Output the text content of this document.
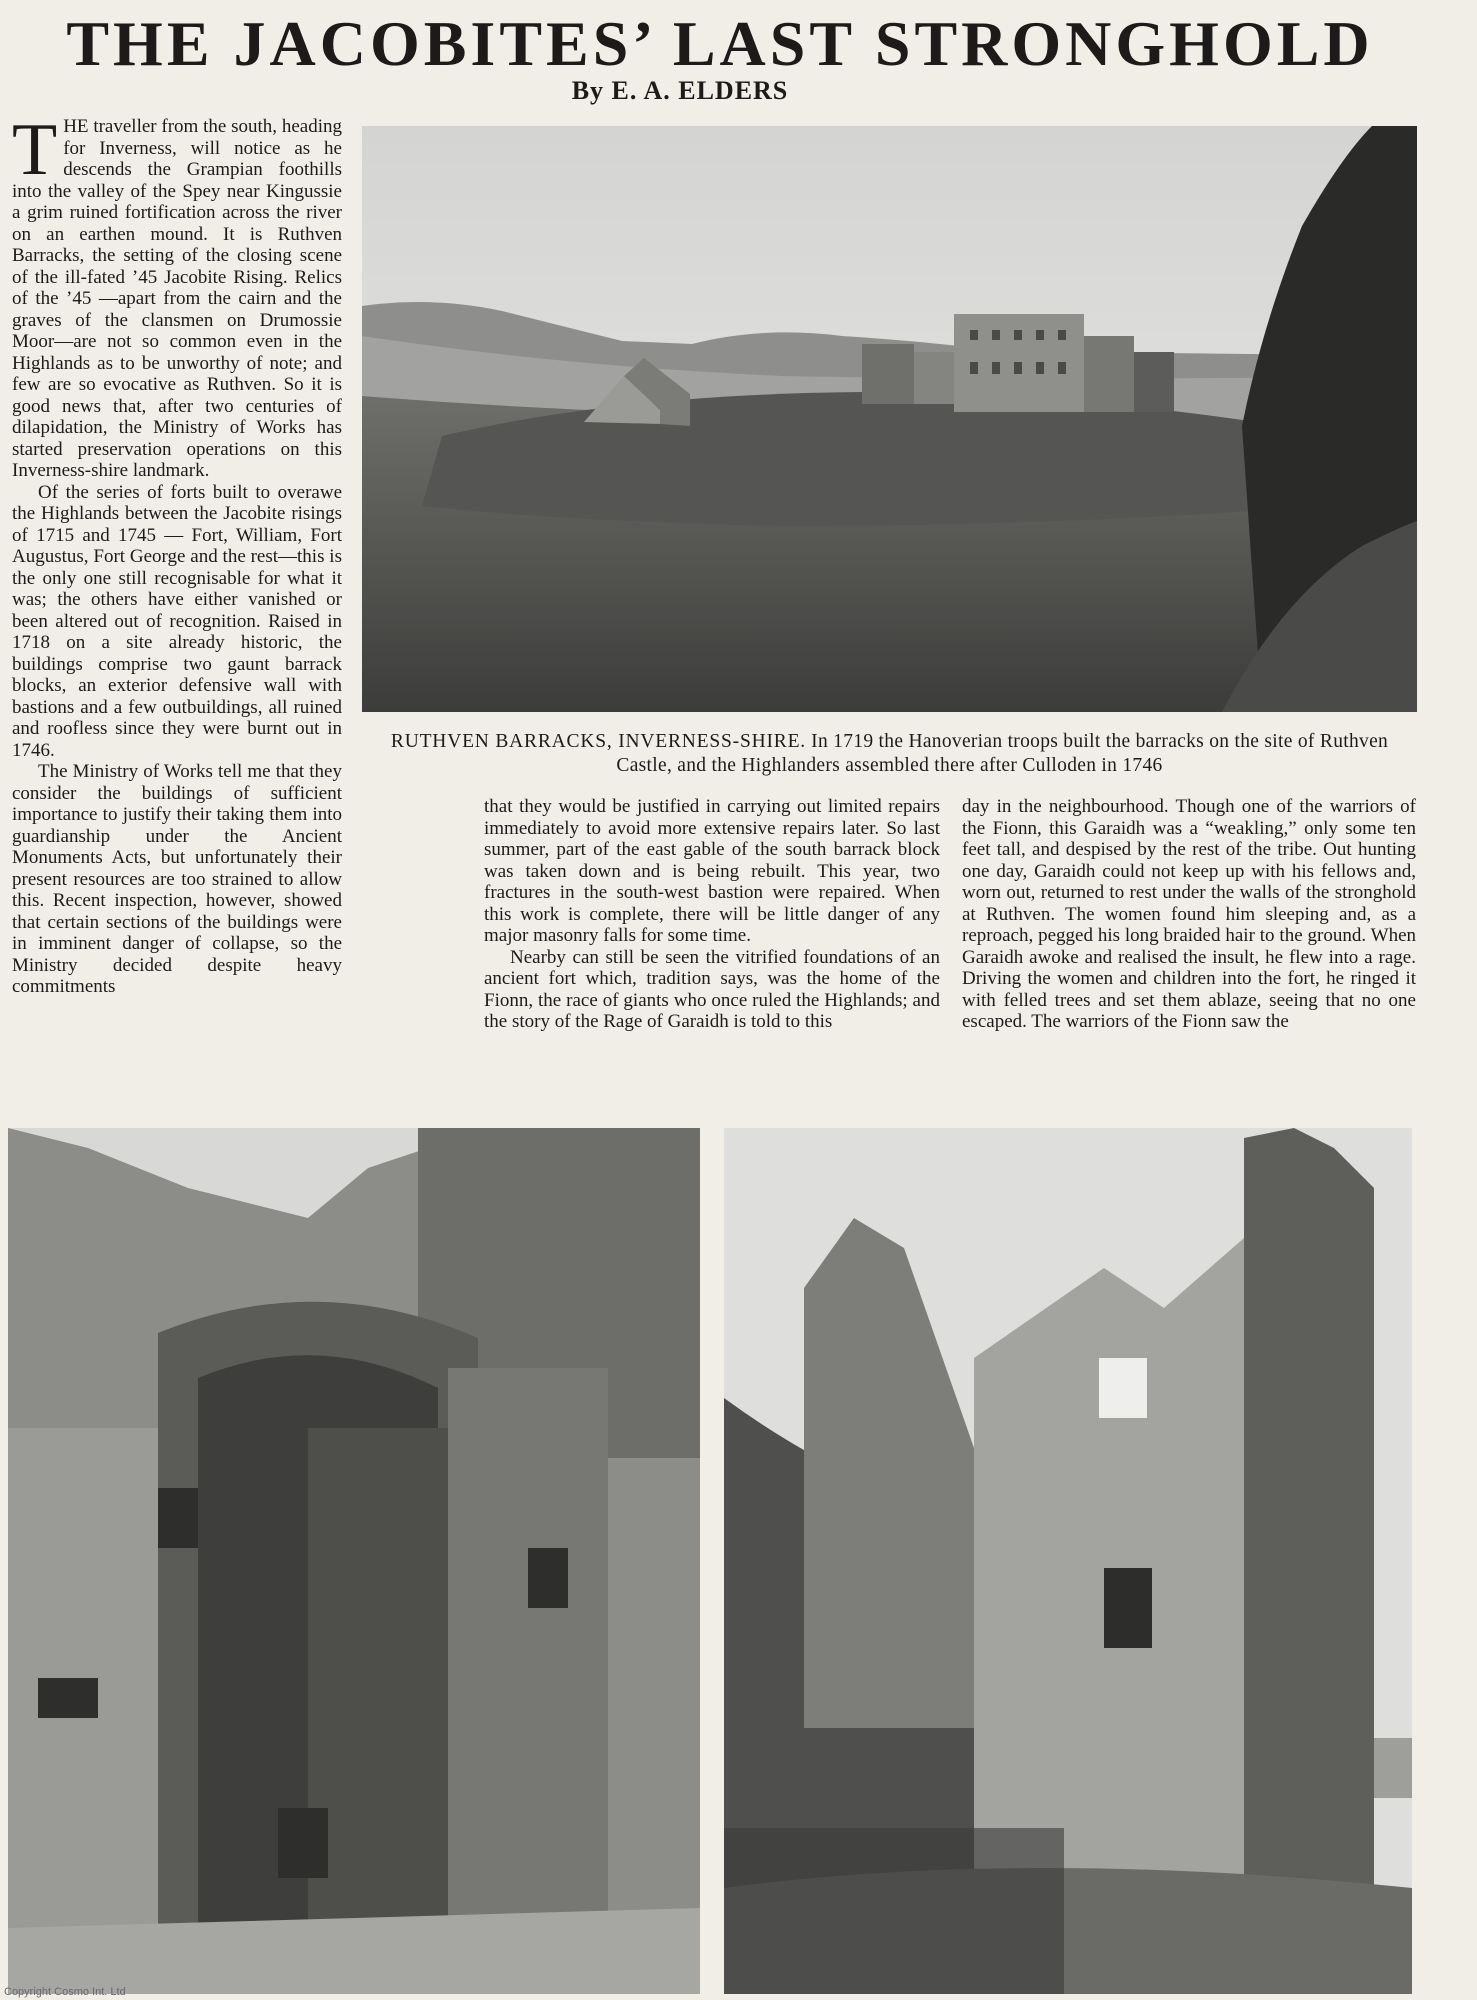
THE JACOBITES’ LAST STRONGHOLD
By E. A. ELDERS

T HE traveller from the south, heading for Inverness, will notice as he descends the Grampian foothills into the valley of the Spey near Kingussie a grim ruined fortification across the river on an earthen mound. It is Ruthven Barracks, the setting of the closing scene of the ill-fated ’45 Jacobite Rising. Relics of the ’45 —apart from the cairn and the graves of the clansmen on Drumossie Moor—are not so common even in the Highlands as to be unworthy of note; and few are so evocative as Ruthven. So it is good news that, after two centuries of dilapidation, the Ministry of Works has started preservation operations on this Inverness-shire landmark.

Of the series of forts built to overawe the Highlands between the Jacobite risings of 1715 and 1745 — Fort, William, Fort Augustus, Fort George and the rest—this is the only one still recognisable for what it was; the others have either vanished or been altered out of recognition. Raised in 1718 on a site already historic, the buildings comprise two gaunt barrack blocks, an exterior defensive wall with bastions and a few outbuildings, all ruined and roofless since they were burnt out in 1746.

The Ministry of Works tell me that they consider the buildings of sufficient importance to justify their taking them into guardianship under the Ancient Monuments Acts, but unfortunately their present resources are too strained to allow this. Recent inspection, however, showed that certain sections of the buildings were in imminent danger of collapse, so the Ministry decided despite heavy commitments

RUTHVEN BARRACKS, INVERNESS-SHIRE. In 1719 the Hanoverian troops built the barracks on the site of Ruthven Castle, and the Highlanders assembled there after Culloden in 1746

that they would be justified in carrying out limited repairs immediately to avoid more extensive repairs later. So last summer, part of the east gable of the south barrack block was taken down and is being rebuilt. This year, two fractures in the south-west bastion were repaired. When this work is complete, there will be little danger of any major masonry falls for some time.

Nearby can still be seen the vitrified foundations of an ancient fort which, tradition says, was the home of the Fionn, the race of giants who once ruled the Highlands; and the story of the Rage of Garaidh is told to this

day in the neighbourhood. Though one of the warriors of the Fionn, this Garaidh was a “weakling,” only some ten feet tall, and despised by the rest of the tribe. Out hunting one day, Garaidh could not keep up with his fellows and, worn out, returned to rest under the walls of the stronghold at Ruthven. The women found him sleeping and, as a reproach, pegged his long braided hair to the ground. When Garaidh awoke and realised the insult, he flew into a rage. Driving the women and children into the fort, he ringed it with felled trees and set them ablaze, seeing that no one escaped. The warriors of the Fionn saw the

Copyright Cosmo Int. Ltd
